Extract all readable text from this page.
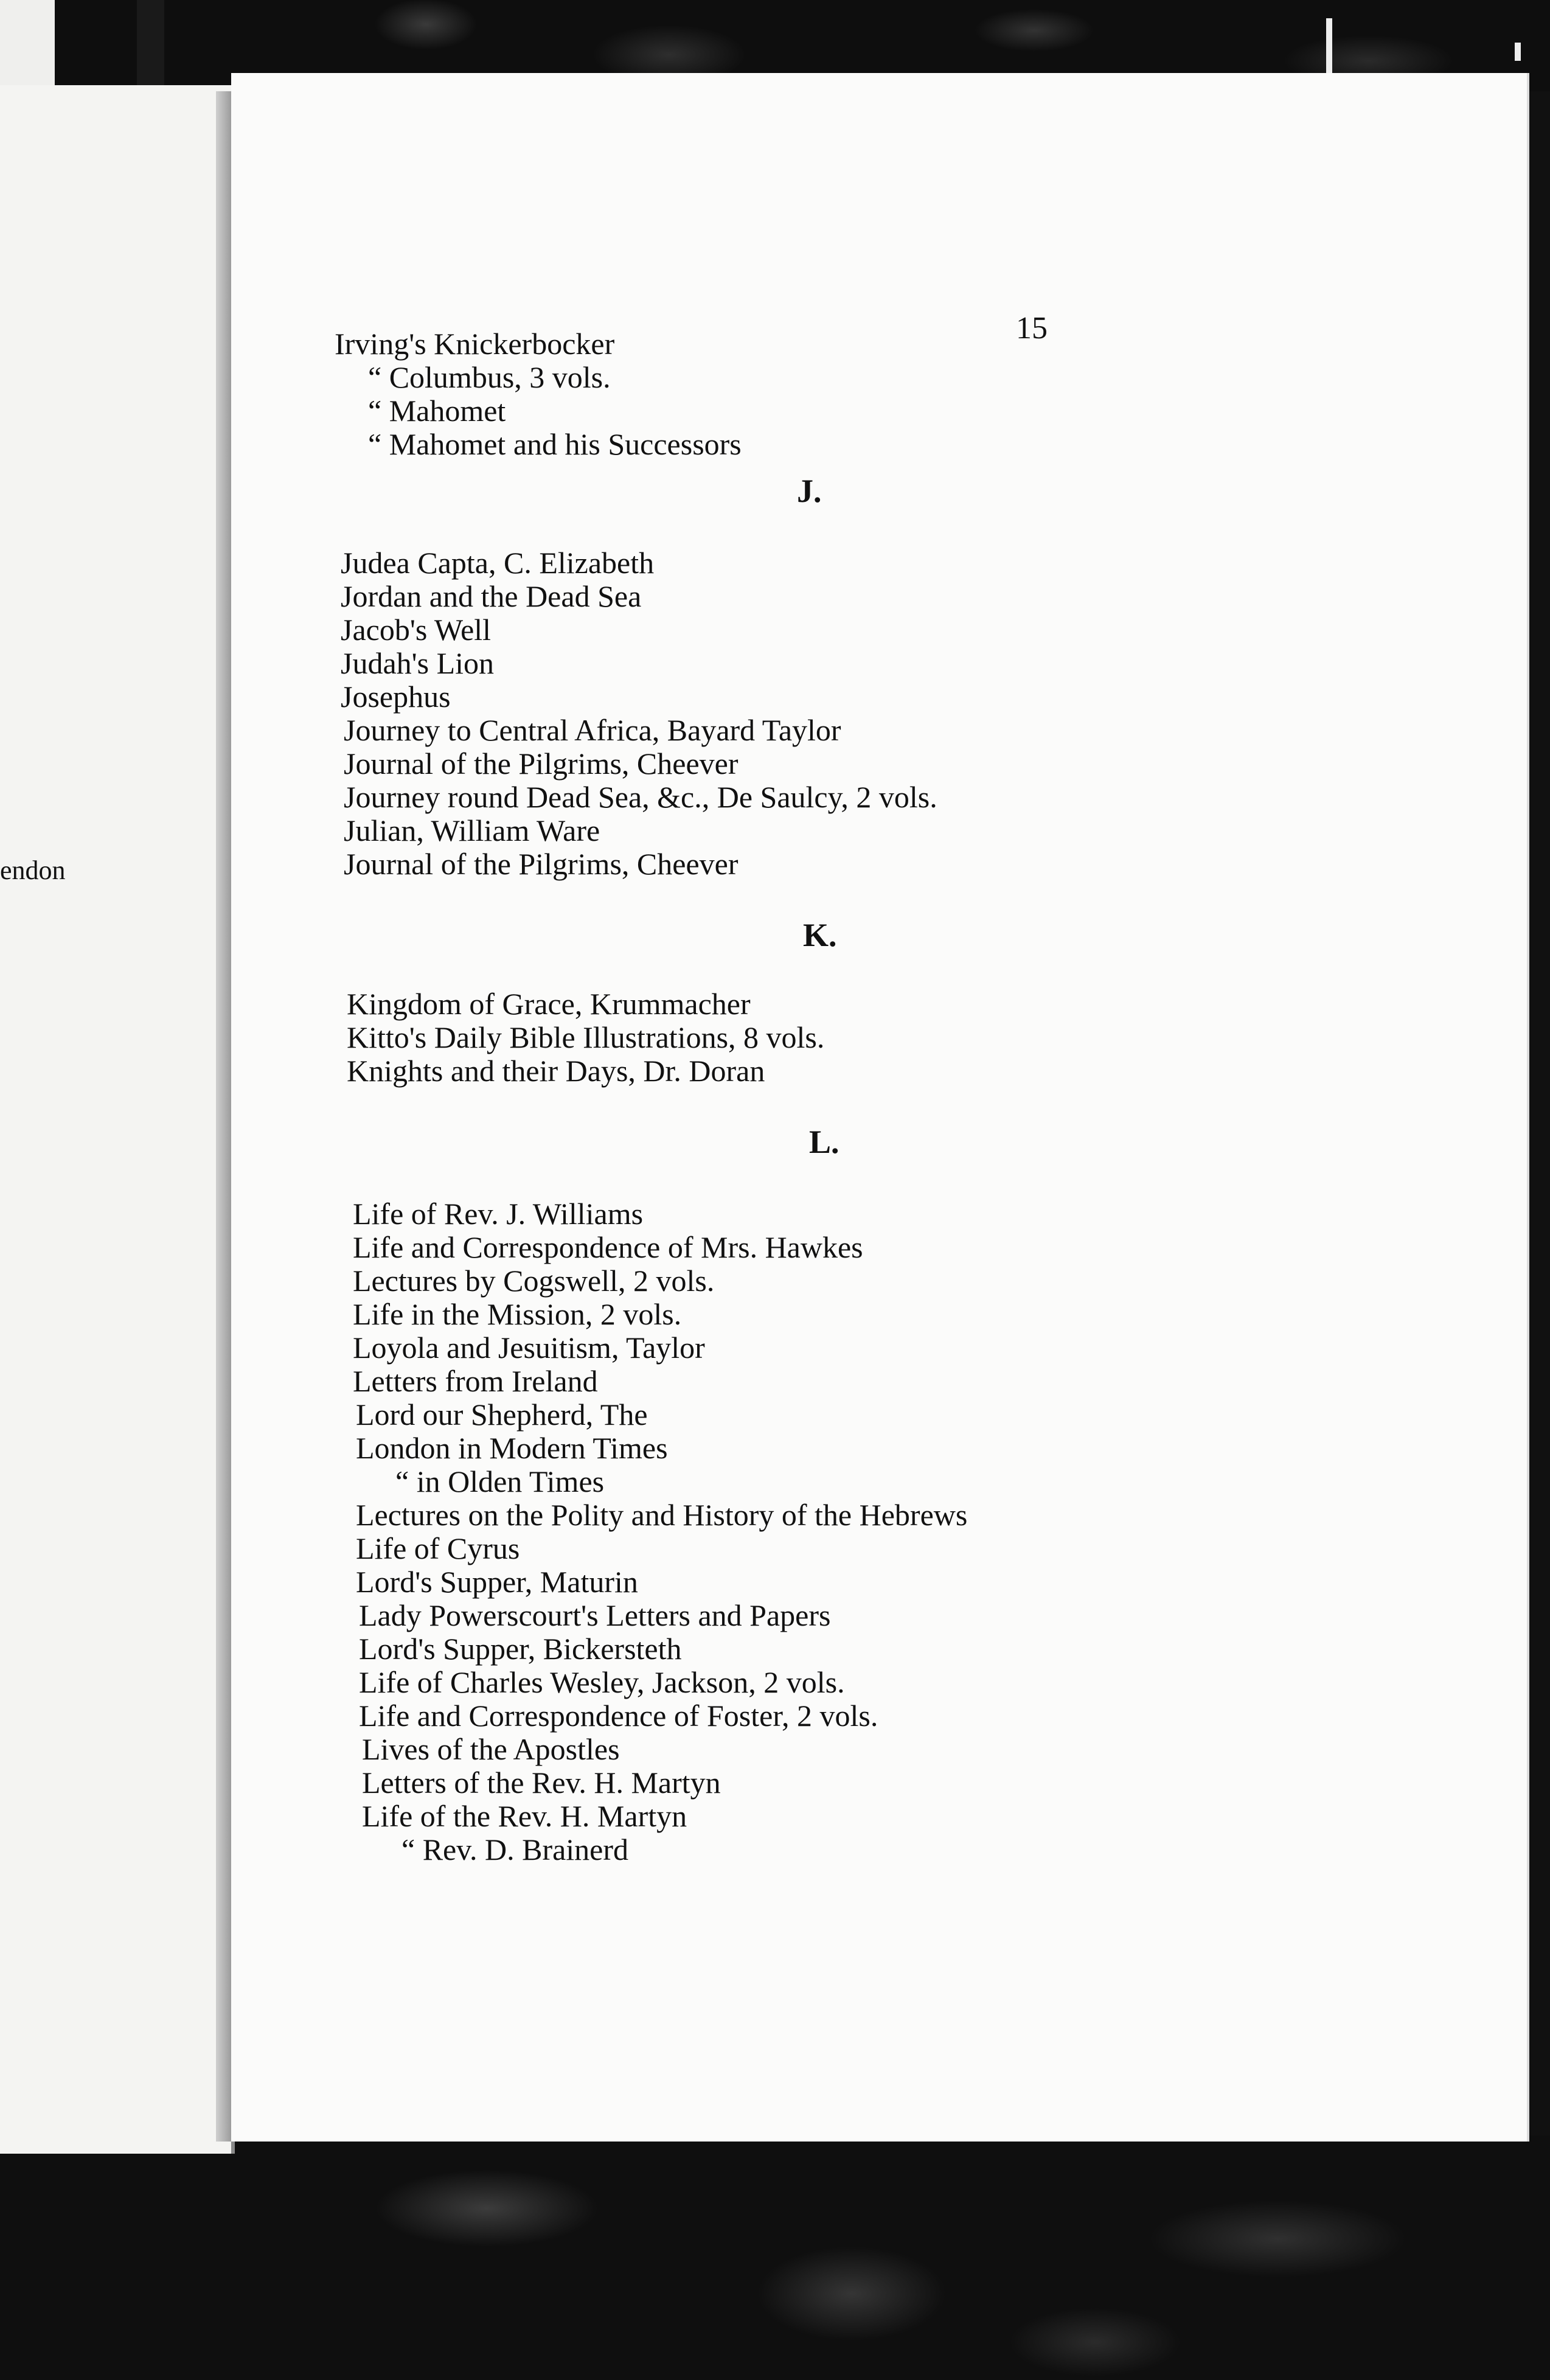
endon
15
Irving's Knickerbocker
“ Columbus, 3 vols.
“ Mahomet
“ Mahomet and his Successors
J.
Judea Capta, C. Elizabeth
Jordan and the Dead Sea
Jacob's Well
Judah's Lion
Josephus
Journey to Central Africa, Bayard Taylor
Journal of the Pilgrims, Cheever
Journey round Dead Sea, &c., De Saulcy, 2 vols.
Julian, William Ware
Journal of the Pilgrims, Cheever
K.
Kingdom of Grace, Krummacher
Kitto's Daily Bible Illustrations, 8 vols.
Knights and their Days, Dr. Doran
L.
Life of Rev. J. Williams
Life and Correspondence of Mrs. Hawkes
Lectures by Cogswell, 2 vols.
Life in the Mission, 2 vols.
Loyola and Jesuitism, Taylor
Letters from Ireland
Lord our Shepherd, The
London in Modern Times
“ in Olden Times
Lectures on the Polity and History of the Hebrews
Life of Cyrus
Lord's Supper, Maturin
Lady Powerscourt's Letters and Papers
Lord's Supper, Bickersteth
Life of Charles Wesley, Jackson, 2 vols.
Life and Correspondence of Foster, 2 vols.
Lives of the Apostles
Letters of the Rev. H. Martyn
Life of the Rev. H. Martyn
“ Rev. D. Brainerd
